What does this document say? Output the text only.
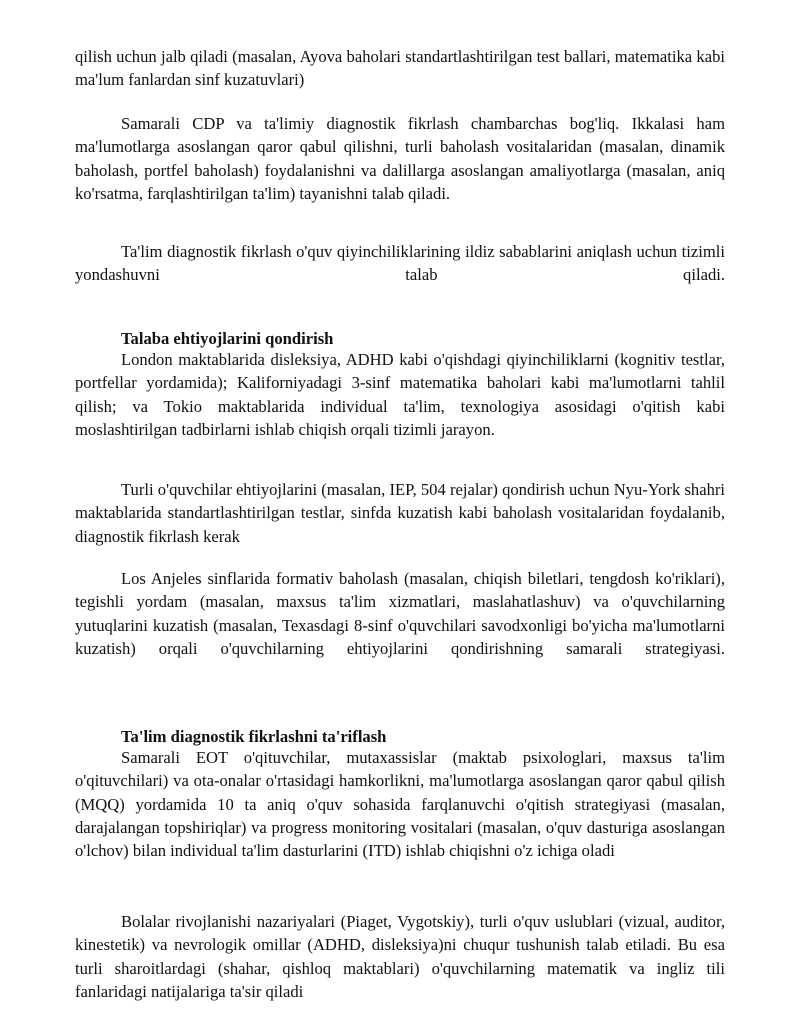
qilish uchun jalb qiladi (masalan, Ayova baholari standartlashtirilgan test ballari, matematika kabi ma'lum fanlardan sinf kuzatuvlari)

Samarali CDP va ta'limiy diagnostik fikrlash chambarchas bog'liq. Ikkalasi ham ma'lumotlarga asoslangan qaror qabul qilishni, turli baholash vositalaridan (masalan, dinamik baholash, portfel baholash) foydalanishni va dalillarga asoslangan amaliyotlarga (masalan, aniq ko'rsatma, farqlashtirilgan ta'lim) tayanishni talab qiladi.

Ta'lim diagnostik fikrlash o'quv qiyinchiliklarining ildiz sabablarini aniqlash uchun tizimli yondashuvni talab qiladi.

Talaba ehtiyojlarini qondirish

London maktablarida disleksiya, ADHD kabi o'qishdagi qiyinchiliklarni (kognitiv testlar, portfellar yordamida); Kaliforniyadagi 3-sinf matematika baholari kabi ma'lumotlarni tahlil qilish; va Tokio maktablarida individual ta'lim, texnologiya asosidagi o'qitish kabi moslashtirilgan tadbirlarni ishlab chiqish orqali tizimli jarayon.

Turli o'quvchilar ehtiyojlarini (masalan, IEP, 504 rejalar) qondirish uchun Nyu-York shahri maktablarida standartlashtirilgan testlar, sinfda kuzatish kabi baholash vositalaridan foydalanib, diagnostik fikrlash kerak

Los Anjeles sinflarida formativ baholash (masalan, chiqish biletlari, tengdosh ko'riklari), tegishli yordam (masalan, maxsus ta'lim xizmatlari, maslahatlashuv) va o'quvchilarning yutuqlarini kuzatish (masalan, Texasdagi 8-sinf o'quvchilari savodxonligi bo'yicha ma'lumotlarni kuzatish) orqali o'quvchilarning ehtiyojlarini qondirishning samarali strategiyasi.

Ta'lim diagnostik fikrlashni ta'riflash

Samarali EOT o'qituvchilar, mutaxassislar (maktab psixologlari, maxsus ta'lim o'qituvchilari) va ota-onalar o'rtasidagi hamkorlikni, ma'lumotlarga asoslangan qaror qabul qilish (MQQ) yordamida 10 ta aniq o'quv sohasida farqlanuvchi o'qitish strategiyasi (masalan, darajalangan topshiriqlar) va progress monitoring vositalari (masalan, o'quv dasturiga asoslangan o'lchov) bilan individual ta'lim dasturlarini (ITD) ishlab chiqishni o'z ichiga oladi

Bolalar rivojlanishi nazariyalari (Piaget, Vygotskiy), turli o'quv uslublari (vizual, auditor, kinestetik) va nevrologik omillar (ADHD, disleksiya)ni chuqur tushunish talab etiladi. Bu esa turli sharoitlardagi (shahar, qishloq maktablari) o'quvchilarning matematik va ingliz tili fanlaridagi natijalariga ta'sir qiladi
